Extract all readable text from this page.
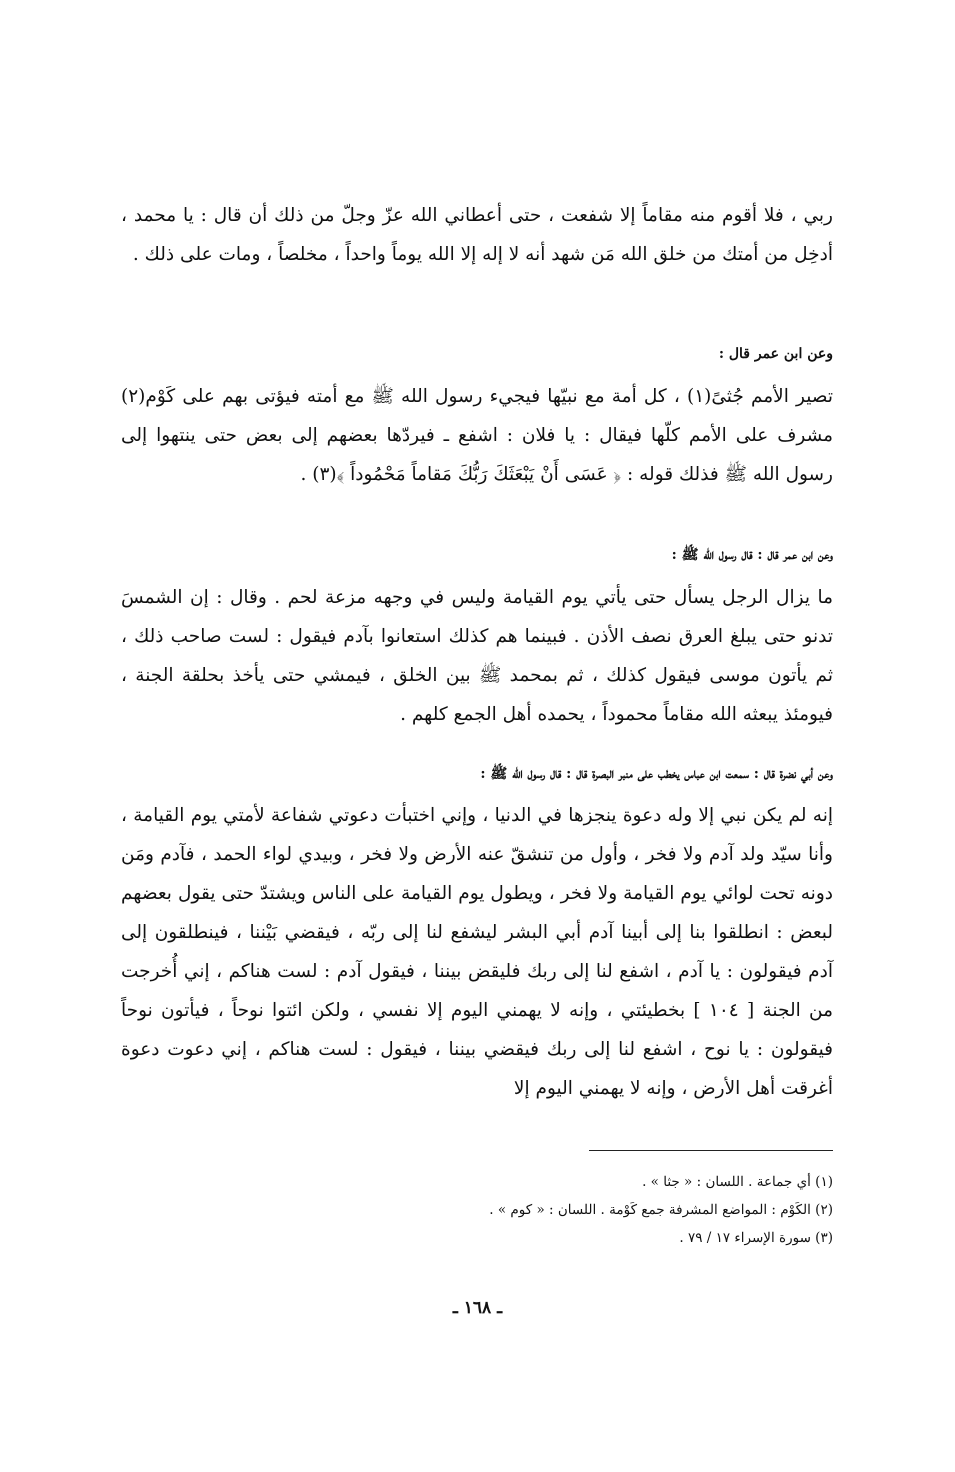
ربي ، فلا أقوم منه مقاماً إلا شفعت ، حتى أعطاني الله عزّ وجلّ من ذلك أن قال : يا محمد ، أدخِل من أمتك من خلق الله مَن شهد أنه لا إله إلا الله يوماً واحداً ، مخلصاً ، ومات على ذلك .

وعن ابن عمر قال :

تصير الأمم جُثىً(١) ، كل أمة مع نبيّها فيجيء رسول الله ﷺ مع أمته فيؤتى بهم على كَوْم(٢) مشرف على الأمم كلّها فيقال : يا فلان : اشفع ـ فيردّها بعضهم إلى بعض حتى ينتهوا إلى رسول الله ﷺ فذلك قوله : ﴿ عَسَى أَنْ يَبْعَثَكَ رَبُّكَ مَقاماً مَحْمُوداً ﴾(٣) .

وعن ابن عمر قال : قال رسول الله ﷺ :

ما يزال الرجل يسأل حتى يأتي يوم القيامة وليس في وجهه مزعة لحم . وقال : إن الشمسَ تدنو حتى يبلغ العرق نصف الأذن . فبينما هم كذلك استعانوا بآدم فيقول : لست صاحب ذلك ، ثم يأتون موسى فيقول كذلك ، ثم بمحمد ﷺ بين الخلق ، فيمشي حتى يأخذ بحلقة الجنة ، فيومئذ يبعثه الله مقاماً محموداً ، يحمده أهل الجمع كلهم .

وعن أبي نضرة قال : سمعت ابن عباس يخطب على منبر البصرة قال : قال رسول الله ﷺ :

إنه لم يكن نبي إلا وله دعوة ينجزها في الدنيا ، وإني اختبأت دعوتي شفاعة لأمتي يوم القيامة ، وأنا سيّد ولد آدم ولا فخر ، وأول من تنشقّ عنه الأرض ولا فخر ، وبيدي لواء الحمد ، فآدم ومَن دونه تحت لوائي يوم القيامة ولا فخر ، ويطول يوم القيامة على الناس ويشتدّ حتى يقول بعضهم لبعض : انطلقوا بنا إلى أبينا آدم أبي البشر ليشفع لنا إلى ربّه ، فيقضي بَيْننا ، فينطلقون إلى آدم فيقولون : يا آدم ، اشفع لنا إلى ربك فليقض بيننا ، فيقول آدم : لست هناكم ، إني أُخرجت من الجنة [ ١٠٤ ] بخطيئتي ، وإنه لا يهمني اليوم إلا نفسي ، ولكن ائتوا نوحاً ، فيأتون نوحاً فيقولون : يا نوح ، اشفع لنا إلى ربك فيقضي بيننا ، فيقول : لست هناكم ، إني دعوت دعوة أغرقت أهل الأرض ، وإنه لا يهمني اليوم إلا

(١) أي جماعة . اللسان : « جثا » .

(٢) الكَوْم : المواضع المشرفة جمع كَوْمة . اللسان : « كوم » .

(٣) سورة الإسراء ١٧ / ٧٩ .

ـ ١٦٨ ـ
